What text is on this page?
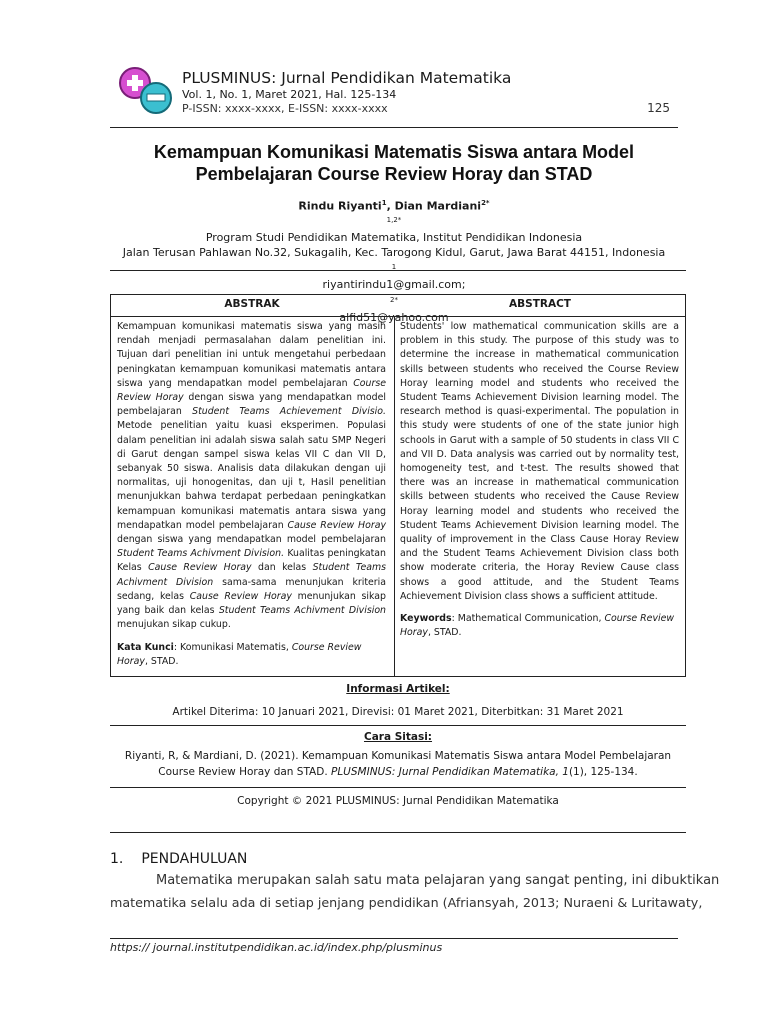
PLUSMINUS: Jurnal Pendidikan Matematika
Vol. 1, No. 1, Maret 2021, Hal. 125-134
P-ISSN: xxxx-xxxx, E-ISSN: xxxx-xxxx	125
Kemampuan Komunikasi Matematis Siswa antara Model
Pembelajaran Course Review Horay dan STAD
Rindu Riyanti$^1$, Dian Mardiani$^{2*}$
$^{1,2*}$
Program Studi Pendidikan Matematika, Institut Pendidikan Indonesia
Jalan Terusan Pahlawan No.32, Sukagalih, Kec. Tarogong Kidul, Garut, Jawa Barat 44151, Indonesia
$^1$
riyantirindu1@gmail.com;
$^{2*}$
alfid51@yahoo.com
ABSTRAK	ABSTRACT
Kemampuan komunikasi matematis siswa yang masih rendah menjadi permasalahan dalam penelitian ini. Tujuan dari penelitian ini untuk mengetahui perbedaan peningkatan kemampuan komunikasi matematis antara siswa yang mendapatkan model pembelajaran Course Review Horay dengan siswa yang mendapatkan model pembelajaran Student Teams Achievement Divisio. Metode penelitian yaitu kuasi eksperimen. Populasi dalam penelitian ini adalah siswa salah satu SMP Negeri di Garut dengan sampel siswa kelas VII C dan VII D, sebanyak 50 siswa. Analisis data dilakukan dengan uji normalitas, uji honogenitas, dan uji t, Hasil penelitian menunjukkan bahwa terdapat perbedaan peningkatkan kemampuan komunikasi matematis antara siswa yang mendapatkan model pembelajaran Cause Review Horay dengan siswa yang mendapatkan model pembelajaran Student Teams Achivment Division. Kualitas peningkatan Kelas Cause Review Horay dan kelas Student Teams Achivment Division sama-sama menunjukan kriteria sedang, kelas Cause Review Horay menunjukan sikap yang baik dan kelas Student Teams Achivment Division menujukan sikap cukup.
Kata Kunci: Komunikasi Matematis, Course Review Horay, STAD.
Students' low mathematical communication skills are a problem in this study. The purpose of this study was to determine the increase in mathematical communication skills between students who received the Course Review Horay learning model and students who received the Student Teams Achievement Division learning model. The research method is quasi-experimental. The population in this study were students of one of the state junior high schools in Garut with a sample of 50 students in class VII C and VII D. Data analysis was carried out by normality test, homogeneity test, and t-test. The results showed that there was an increase in mathematical communication skills between students who received the Cause Review Horay learning model and students who received the Student Teams Achievement Division learning model. The quality of improvement in the Class Cause Horay Review and the Student Teams Achievement Division class both show moderate criteria, the Horay Review Cause class shows a good attitude, and the Student Teams Achievement Division class shows a sufficient attitude.
Keywords: Mathematical Communication, Course Review Horay, STAD.
Informasi Artikel:
Artikel Diterima: 10 Januari 2021, Direvisi: 01 Maret 2021, Diterbitkan: 31 Maret 2021
Cara Sitasi:
Riyanti, R, & Mardiani, D. (2021). Kemampuan Komunikasi Matematis Siswa antara Model Pembelajaran
Course Review Horay dan STAD. PLUSMINUS: Jurnal Pendidikan Matematika, 1(1), 125-134.
Copyright © 2021 PLUSMINUS: Jurnal Pendidikan Matematika
1. PENDAHULUAN
Matematika merupakan salah satu mata pelajaran yang sangat penting, ini dibuktikan
matematika selalu ada di setiap jenjang pendidikan (Afriansyah, 2013; Nuraeni & Luritawaty,
https:// journal.institutpendidikan.ac.id/index.php/plusminus
